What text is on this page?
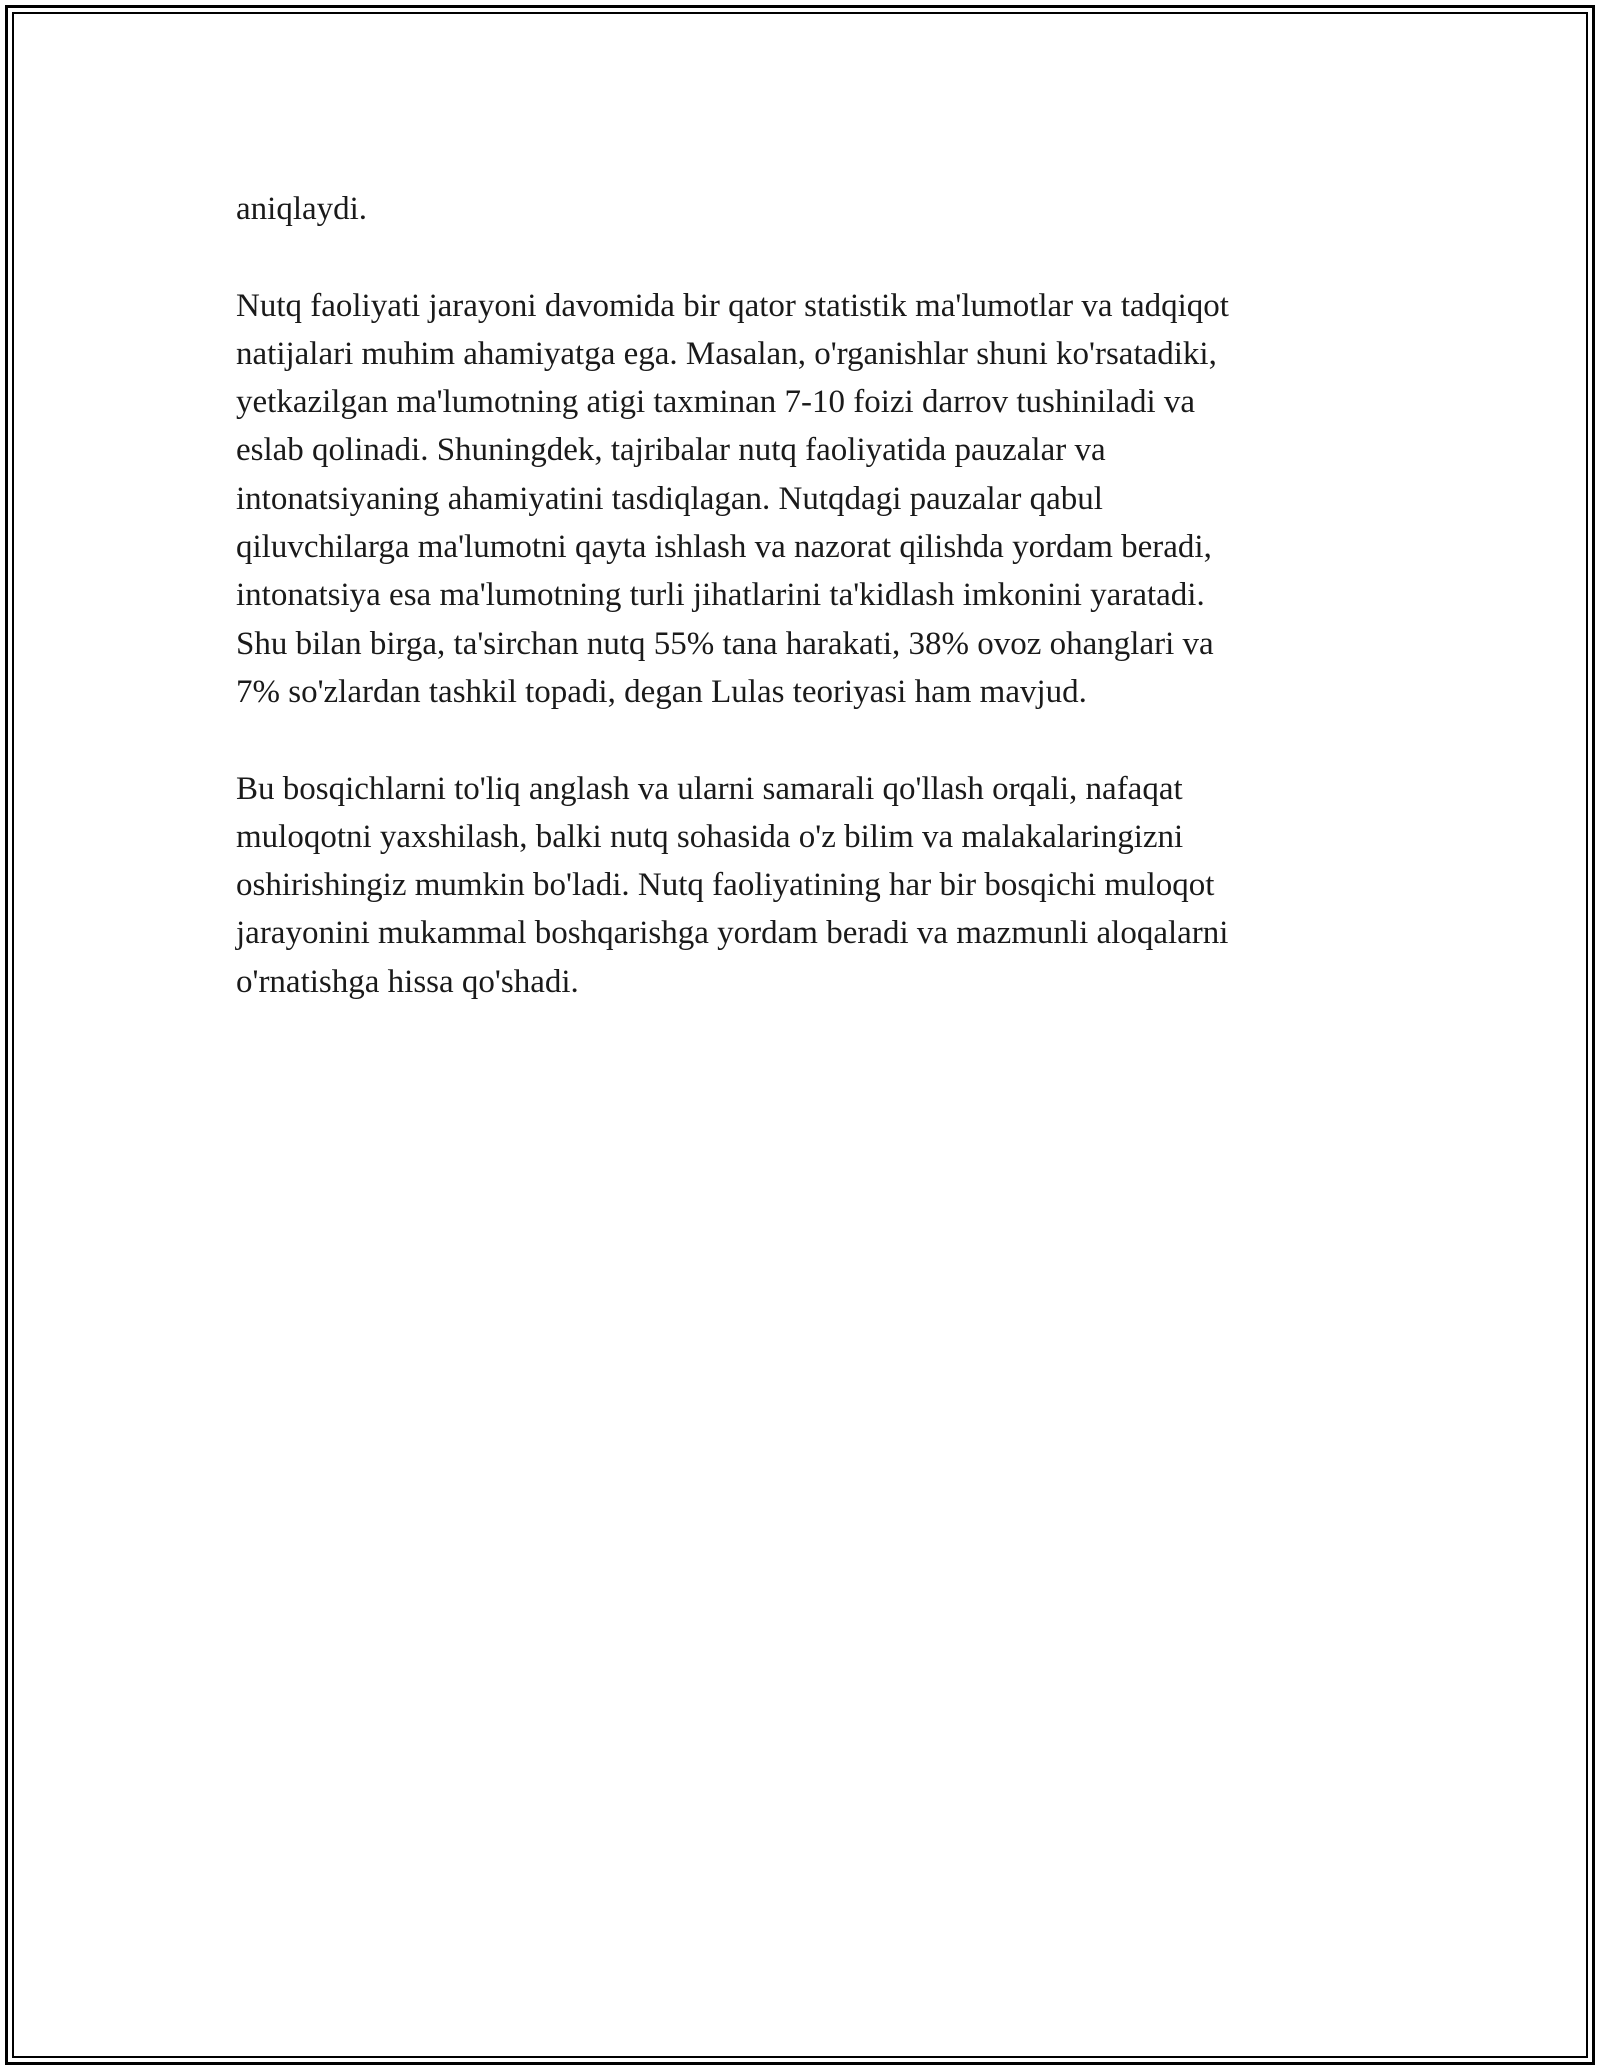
aniqlaydi.

Nutq faoliyati jarayoni davomida bir qator statistik ma'lumotlar va tadqiqot
natijalari muhim ahamiyatga ega. Masalan, o'rganishlar shuni ko'rsatadiki,
yetkazilgan ma'lumotning atigi taxminan 7-10 foizi darrov tushiniladi va
eslab qolinadi. Shuningdek, tajribalar nutq faoliyatida pauzalar va
intonatsiyaning ahamiyatini tasdiqlagan. Nutqdagi pauzalar qabul
qiluvchilarga ma'lumotni qayta ishlash va nazorat qilishda yordam beradi,
intonatsiya esa ma'lumotning turli jihatlarini ta'kidlash imkonini yaratadi.
Shu bilan birga, ta'sirchan nutq 55% tana harakati, 38% ovoz ohanglari va
7% so'zlardan tashkil topadi, degan Lulas teoriyasi ham mavjud.

Bu bosqichlarni to'liq anglash va ularni samarali qo'llash orqali, nafaqat
muloqotni yaxshilash, balki nutq sohasida o'z bilim va malakalaringizni
oshirishingiz mumkin bo'ladi. Nutq faoliyatining har bir bosqichi muloqot
jarayonini mukammal boshqarishga yordam beradi va mazmunli aloqalarni
o'rnatishga hissa qo'shadi.
